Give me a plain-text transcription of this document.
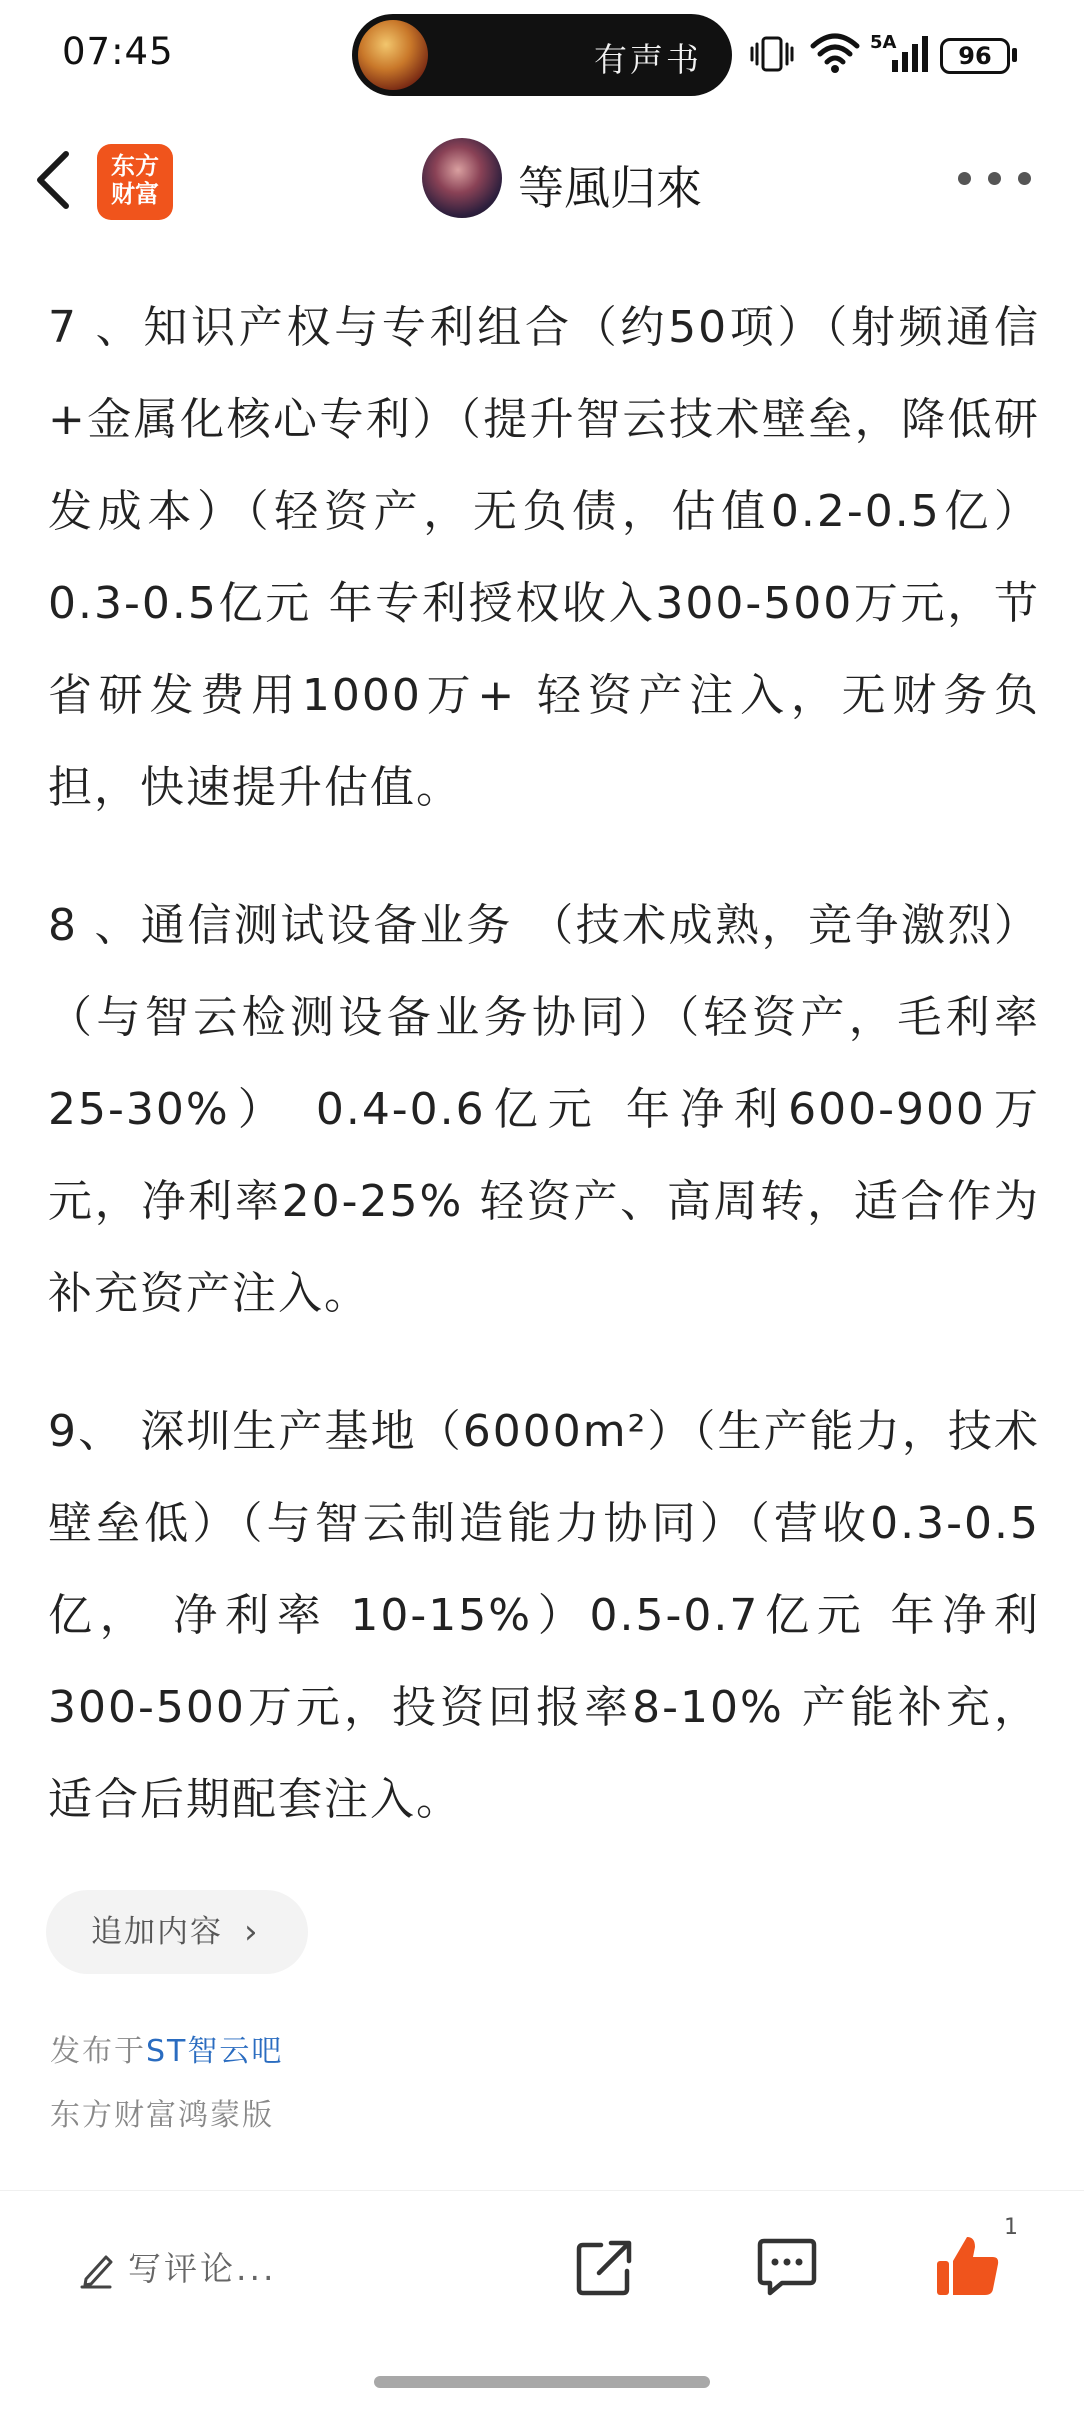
07:45	有声书	5A	96
东方
财富	等風归來

7 、知识产权与专利组合（约50项）（射频通信+金属化核心专利）（提升智云技术壁垒，降低研发成本）（轻资产，无负债，估值0.2-0.5亿） 0.3-0.5亿元 年专利授权收入300-500万元，节省研发费用1000万+ 轻资产注入，无财务负担，快速提升估值。

8 、通信测试设备业务 （技术成熟，竞争激烈） （与智云检测设备业务协同）（轻资产，毛利率25-30%） 0.4-0.6亿元 年净利600-900万元，净利率20-25% 轻资产、高周转，适合作为补充资产注入。

9、 深圳生产基地（6000m²）（生产能力，技术壁垒低）（与智云制造能力协同）（营收0.3-0.5亿， 净利率 10-15%）0.5-0.7亿元 年净利300-500万元，投资回报率8-10% 产能补充，适合后期配套注入。

追加内容 ›
发布于ST智云吧
东方财富鸿蒙版
写评论...
1
